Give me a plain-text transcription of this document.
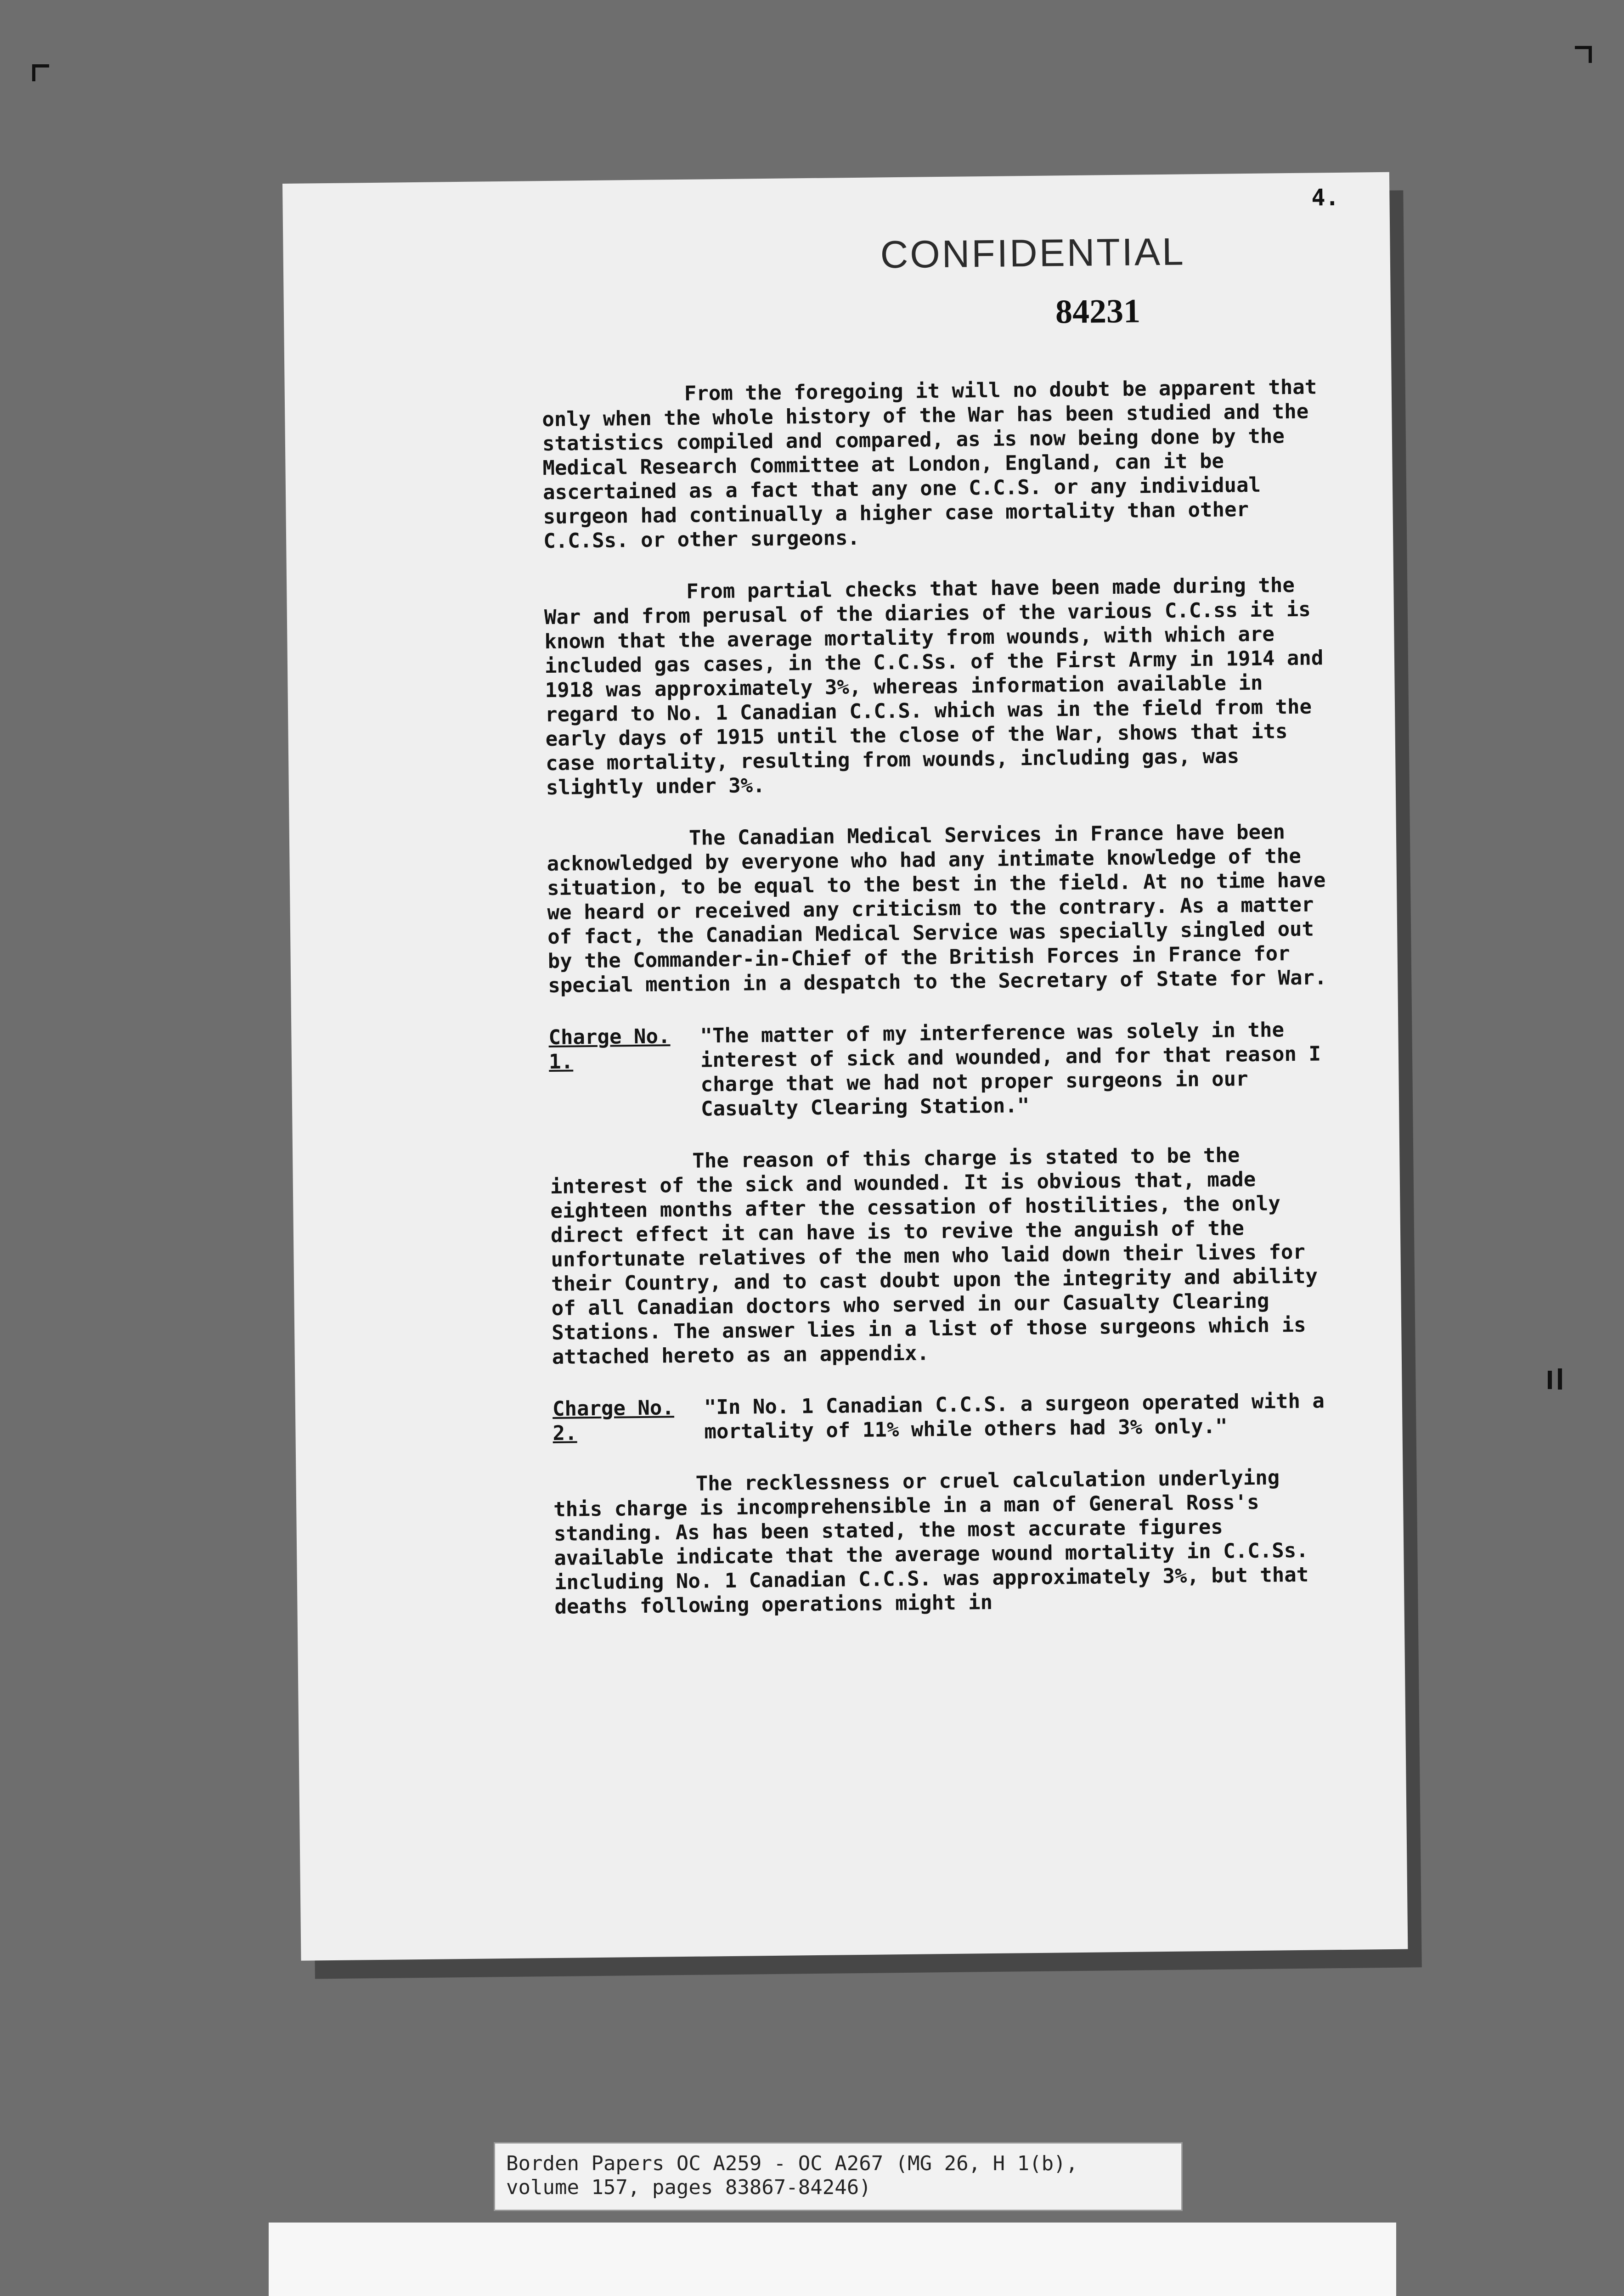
4.
CONFIDENTIAL
84231

From the foregoing it will no doubt be apparent that only when the whole history of the War has been studied and the statistics compiled and compared, as is now being done by the Medical Research Committee at London, England, can it be ascertained as a fact that any one C.C.S. or any individual surgeon had continually a higher case mortality than other C.C.Ss. or other surgeons.

From partial checks that have been made during the War and from perusal of the diaries of the various C.C.ss it is known that the average mortality from wounds, with which are included gas cases, in the C.C.Ss. of the First Army in 1914 and 1918 was approximately 3%, whereas information available in regard to No. 1 Canadian C.C.S. which was in the field from the early days of 1915 until the close of the War, shows that its case mortality, resulting from wounds, including gas, was slightly under 3%.

The Canadian Medical Services in France have been acknowledged by everyone who had any intimate knowledge of the situation, to be equal to the best in the field. At no time have we heard or received any criticism to the contrary. As a matter of fact, the Canadian Medical Service was specially singled out by the Commander-in-Chief of the British Forces in France for special mention in a despatch to the Secretary of State for War.

Charge No. 1.
"The matter of my interference was solely in the interest of sick and wounded, and for that reason I charge that we had not proper surgeons in our Casualty Clearing Station."
The reason of this charge is stated to be the interest of the sick and wounded. It is obvious that, made eighteen months after the cessation of hostilities, the only direct effect it can have is to revive the anguish of the unfortunate relatives of the men who laid down their lives for their Country, and to cast doubt upon the integrity and ability of all Canadian doctors who served in our Casualty Clearing Stations. The answer lies in a list of those surgeons which is attached hereto as an appendix.
Charge No. 2.
"In No. 1 Canadian C.C.S. a surgeon operated with a mortality of 11% while others had 3% only."
The recklessness or cruel calculation underlying this charge is incomprehensible in a man of General Ross's standing. As has been stated, the most accurate figures available indicate that the average wound mortality in C.C.Ss. including No. 1 Canadian C.C.S. was approximately 3%, but that deaths following operations might in
Borden Papers OC A259 - OC A267 (MG 26, H 1(b),
volume 157, pages 83867-84246)
